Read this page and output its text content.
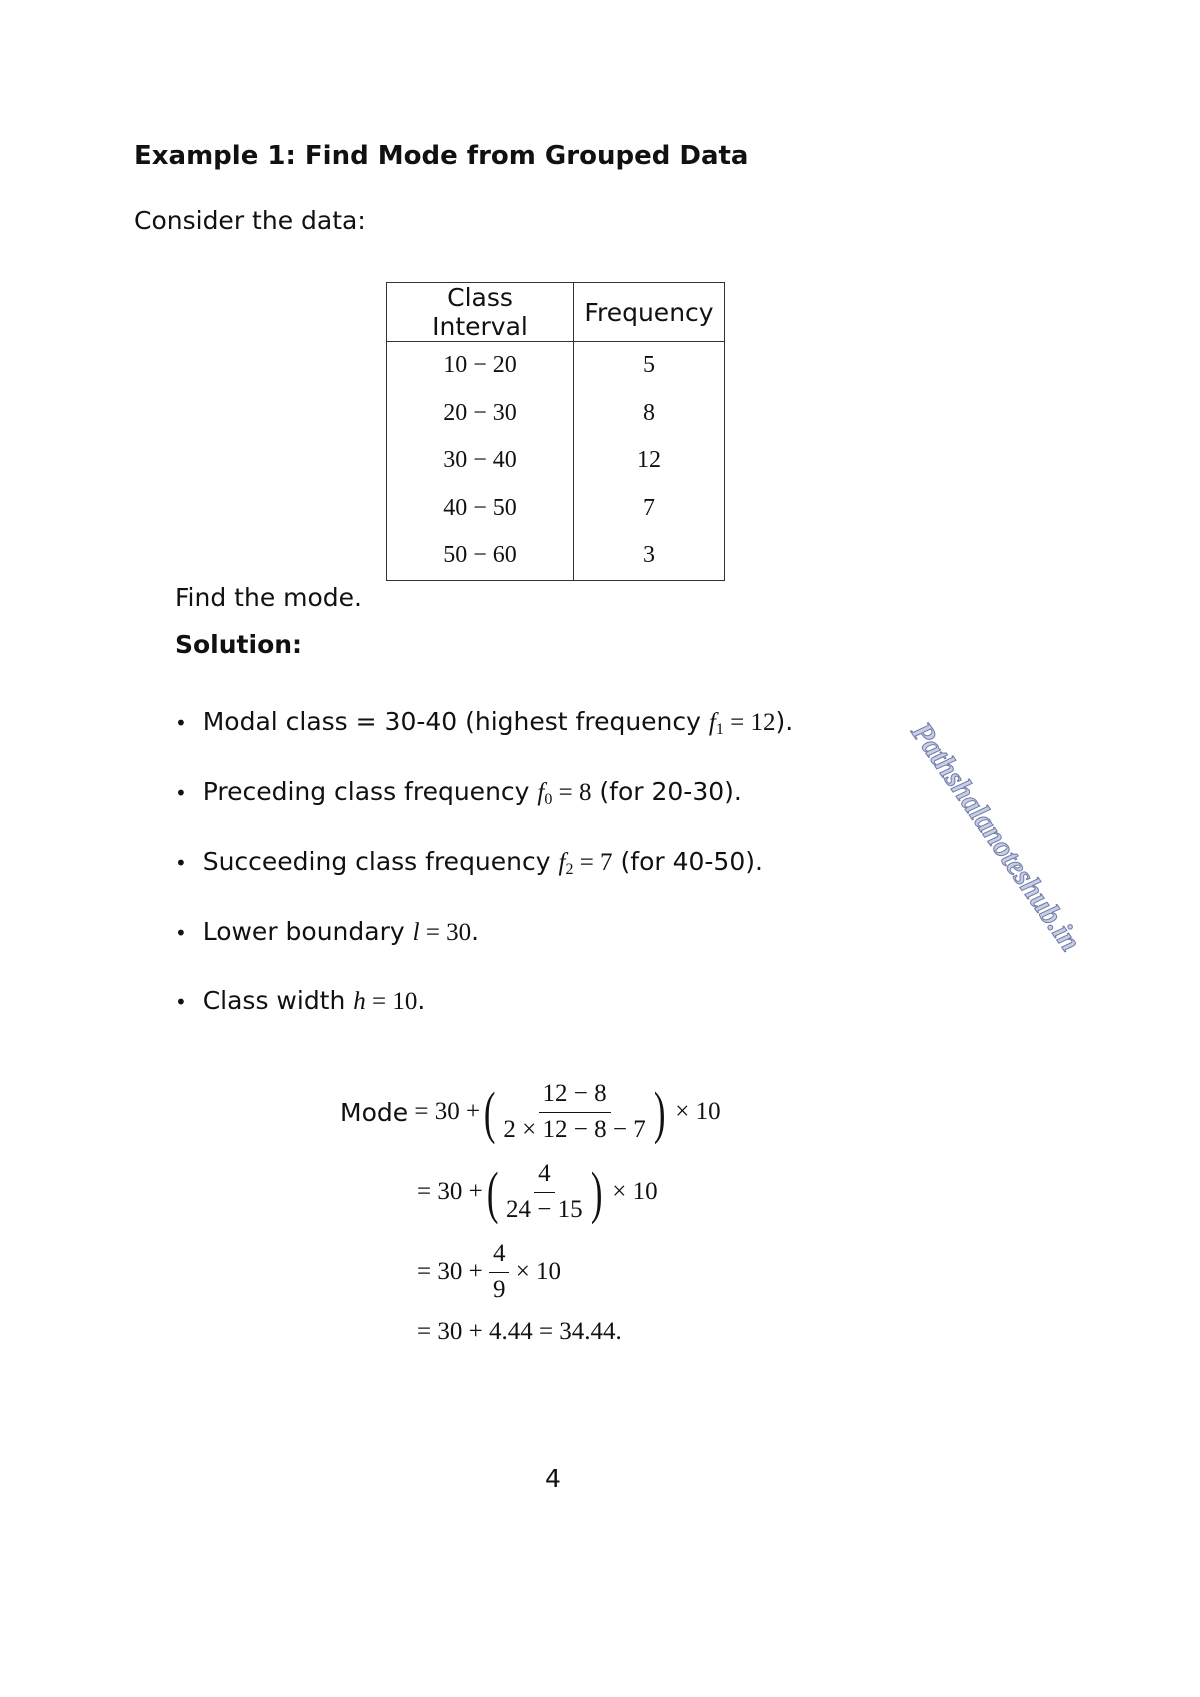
Example 1: Find Mode from Grouped Data
Consider the data:
Class Interval	Frequency
10 − 20	5
20 − 30	8
30 − 40	12
40 − 50	7
50 − 60	3
Find the mode.
Solution:
• Modal class = 30-40 (highest frequency $f_1 = 12$).
• Preceding class frequency $f_0 = 8$ (for 20-30).
• Succeeding class frequency $f_2 = 7$ (for 40-50).
• Lower boundary l = 30.
• Class width h = 10.
Mode
= 30 + ( $\frac{12 - 8}{2 \times 12 - 8 - 7}$ )
× 10
= 30 + ( $\frac{4}{24 - 15}$ )
× 10
= 30 +
$\frac{4}{9}$
× 10
= 30 + 4.44 = 34.44.
Pathshalanoteshub.in
4
